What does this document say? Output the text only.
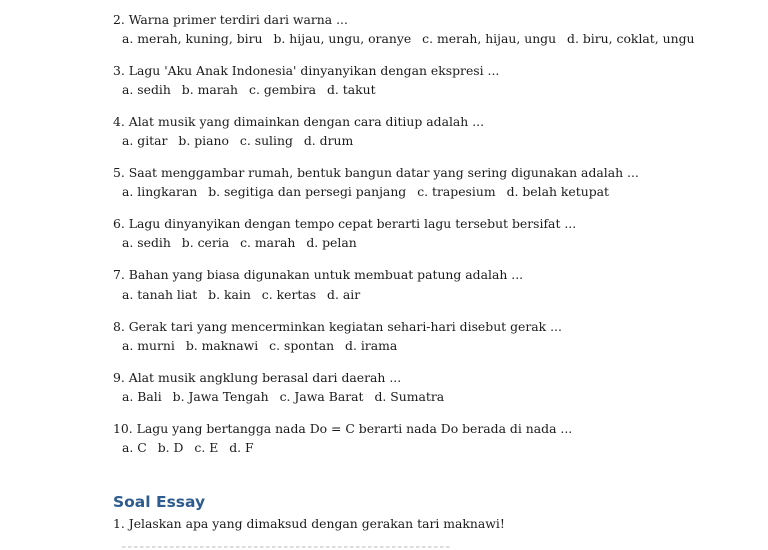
2. Warna primer terdiri dari warna ...
a. merah, kuning, biru b. hijau, ungu, oranye c. merah, hijau, ungu d. biru, coklat, ungu
3. Lagu 'Aku Anak Indonesia' dinyanyikan dengan ekspresi ...
a. sedih b. marah c. gembira d. takut
4. Alat musik yang dimainkan dengan cara ditiup adalah ...
a. gitar b. piano c. suling d. drum
5. Saat menggambar rumah, bentuk bangun datar yang sering digunakan adalah ...
a. lingkaran b. segitiga dan persegi panjang c. trapesium d. belah ketupat
6. Lagu dinyanyikan dengan tempo cepat berarti lagu tersebut bersifat ...
a. sedih b. ceria c. marah d. pelan
7. Bahan yang biasa digunakan untuk membuat patung adalah ...
a. tanah liat b. kain c. kertas d. air
8. Gerak tari yang mencerminkan kegiatan sehari-hari disebut gerak ...
a. murni b. maknawi c. spontan d. irama
9. Alat musik angklung berasal dari daerah ...
a. Bali b. Jawa Tengah c. Jawa Barat d. Sumatra
10. Lagu yang bertangga nada Do = C berarti nada Do berada di nada ...
a. C b. D c. E d. F
Soal Essay
1. Jelaskan apa yang dimaksud dengan gerakan tari maknawi!
